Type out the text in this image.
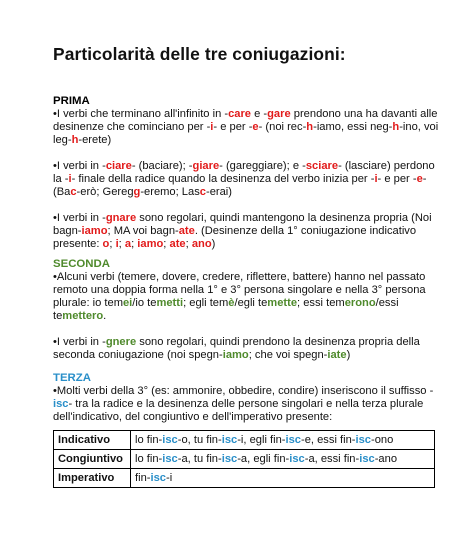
Particolarità delle tre coniugazioni:
PRIMA

•I verbi che terminano all'infinito in -care e -gare prendono una ha davanti alle desinenze che cominciano per -i- e per -e- (noi rec-h-iamo, essi neg-h-ino, voi leg-h-erete)

•I verbi in -ciare- (baciare); -giare- (gareggiare); e -sciare- (lasciare) perdono la -i- finale della radice quando la desinenza del verbo inizia per -i- e per -e- (Bac-erò; Geregg-eremo; Lasc-erai)

•I verbi in -gnare sono regolari, quindi mantengono la desinenza propria (Noi bagn-iamo; MA voi bagn-ate. (Desinenze della 1° coniugazione indicativo presente: o; i; a; iamo; ate; ano)

SECONDA

•Alcuni verbi (temere, dovere, credere, riflettere, battere) hanno nel passato remoto una doppia forma nella 1° e 3° persona singolare e nella 3° persona plurale: io temei/io temetti; egli temè/egli temette; essi temerono/essi temettero.

•I verbi in -gnere sono regolari, quindi prendono la desinenza propria della seconda coniugazione (noi spegn-iamo; che voi spegn-iate)

TERZA

•Molti verbi della 3° (es: ammonire, obbedire, condire) inseriscono il suffisso -isc- tra la radice e la desinenza delle persone singolari e nella terza plurale dell'indicativo, del congiuntivo e dell'imperativo presente:

Indicativo	lo fin-isc-o, tu fin-isc-i, egli fin-isc-e, essi fin-isc-ono
Congiuntivo	lo fin-isc-a, tu fin-isc-a, egli fin-isc-a, essi fin-isc-ano
Imperativo	fin-isc-i
